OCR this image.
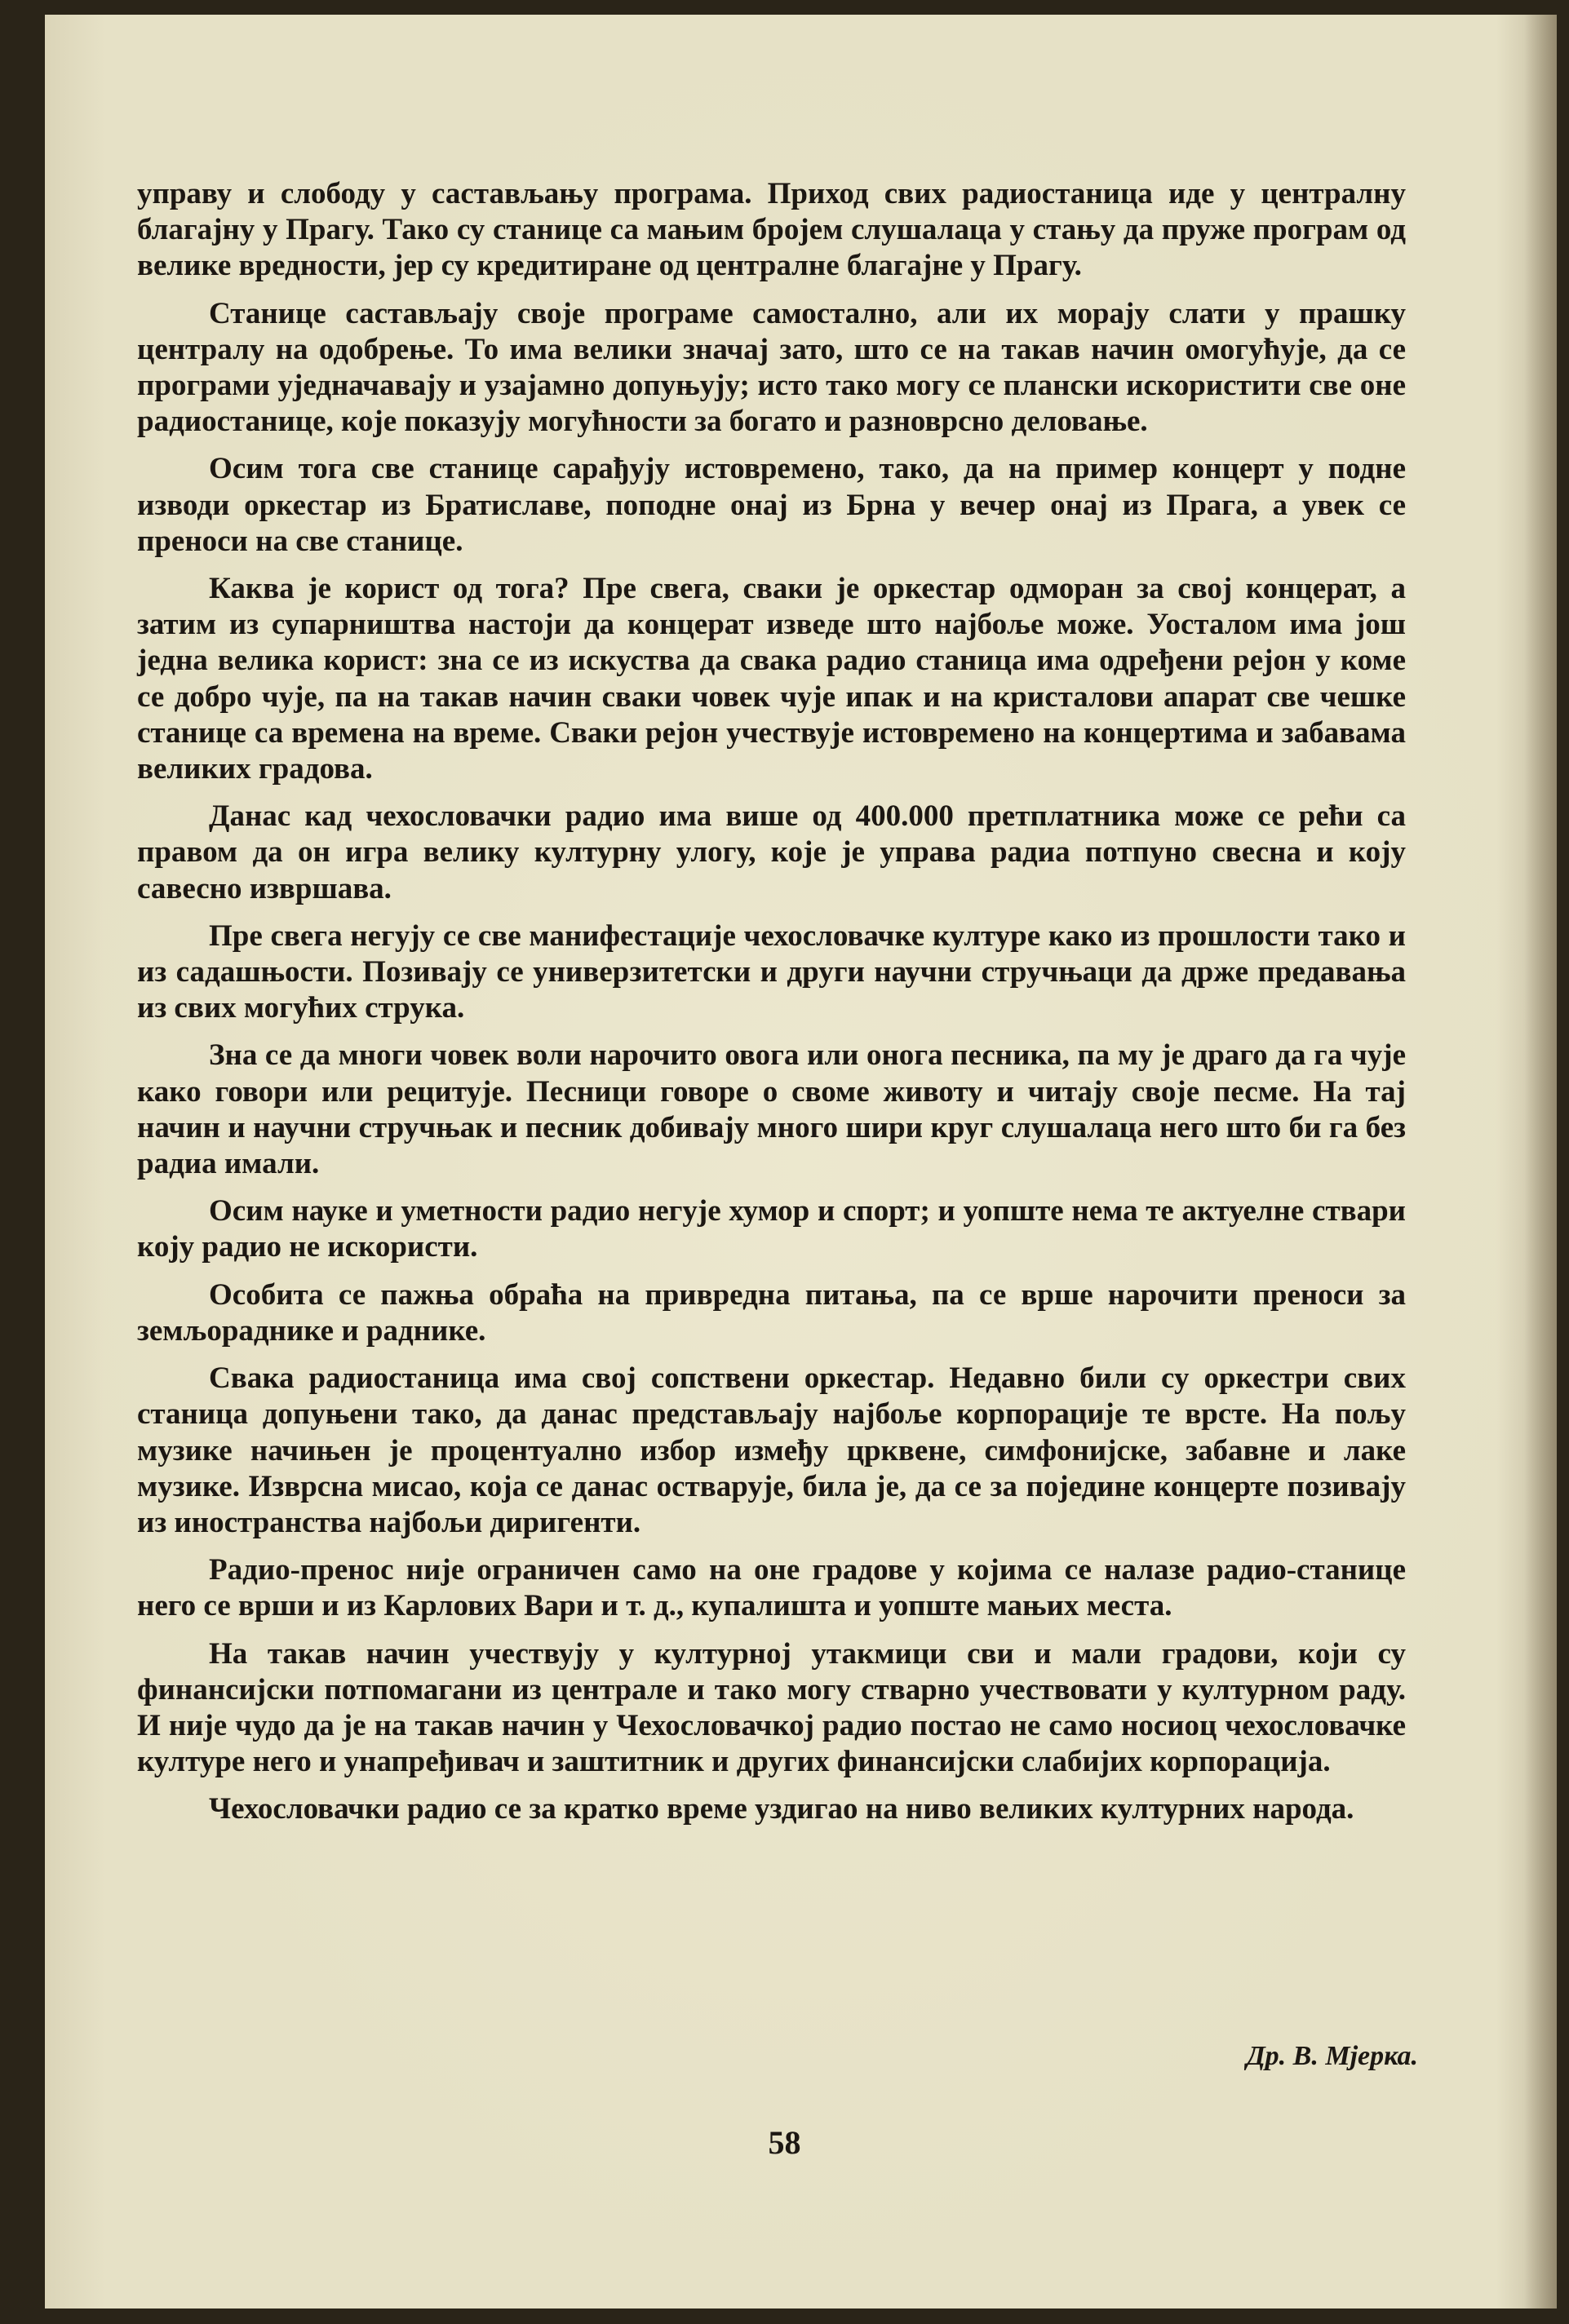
управу и слободу у састављању програма. Приход свих радиостаница иде у централну благајну у Прагу. Тако су станице са мањим бројем слушалаца у стању да пруже програм од велике вредности, јер су кредитиране од централне благајне у Прагу.

Станице састављају своје програме самостално, али их морају слати у прашку централу на одобрење. То има велики значај зато, што се на такав начин омогућује, да се програми уједначавају и узајамно допуњују; исто тако могу се плански искористити све оне радиостанице, које показују могућности за богато и разноврсно деловање.

Осим тога све станице сарађују истовремено, тако, да на пример концерт у подне изводи оркестар из Братиславе, поподне онај из Брна у вечер онај из Прага, а увек се преноси на све станице.

Каква је корист од тога? Пре свега, сваки је оркестар одморан за свој концерат, а затим из супарништва настоји да концерат изведе што најбоље може. Уосталом има још једна велика корист: зна се из искуства да свака радио станица има одређени рејон у коме се добро чује, па на такав начин сваки човек чује ипак и на кристалови апарат све чешке станице са времена на време. Сваки рејон учествује истовремено на концертима и забавама великих градова.

Данас кад чехословачки радио има више од 400.000 претплатника може се рећи са правом да он игра велику културну улогу, које је управа радиа потпуно свесна и коју савесно извршава.

Пре свега негују се све манифестације чехословачке културе како из прошлости тако и из садашњости. Позивају се универзитетски и други научни стручњаци да држе предавања из свих могућих струка.

Зна се да многи човек воли нарочито овога или онога песника, па му је драго да га чује како говори или рецитује. Песници говоре о своме животу и читају своје песме. На тај начин и научни стручњак и песник добивају много шири круг слушалаца него што би га без радиа имали.

Осим науке и уметности радио негује хумор и спорт; и уопште нема те актуелне ствари коју радио не искористи.

Особита се пажња обраћа на привредна питања, па се врше нарочити преноси за земљораднике и раднике.

Свака радиостаница има свој сопствени оркестар. Недавно били су оркестри свих станица допуњени тако, да данас представљају најбоље корпорације те врсте. На пољу музике начињен је процентуално избор између црквене, симфонијске, забавне и лаке музике. Изврсна мисао, која се данас остварује, била је, да се за поједине концерте позивају из иностранства најбољи диригенти.

Радио-пренос није ограничен само на оне градове у којима се налазе радио-станице него се врши и из Карлових Вари и т. д., купалишта и уопште мањих места.

На такав начин учествују у културној утакмици сви и мали градови, који су финансијски потпомагани из централе и тако могу стварно учествовати у културном раду. И није чудо да је на такав начин у Чехословачкој радио постао не само носиоц чехословачке културе него и унапређивач и заштитник и других финансијски слабијих корпорација.

Чехословачки радио се за кратко време уздигао на ниво великих културних народа.

Др. В. Мјерка.
58
